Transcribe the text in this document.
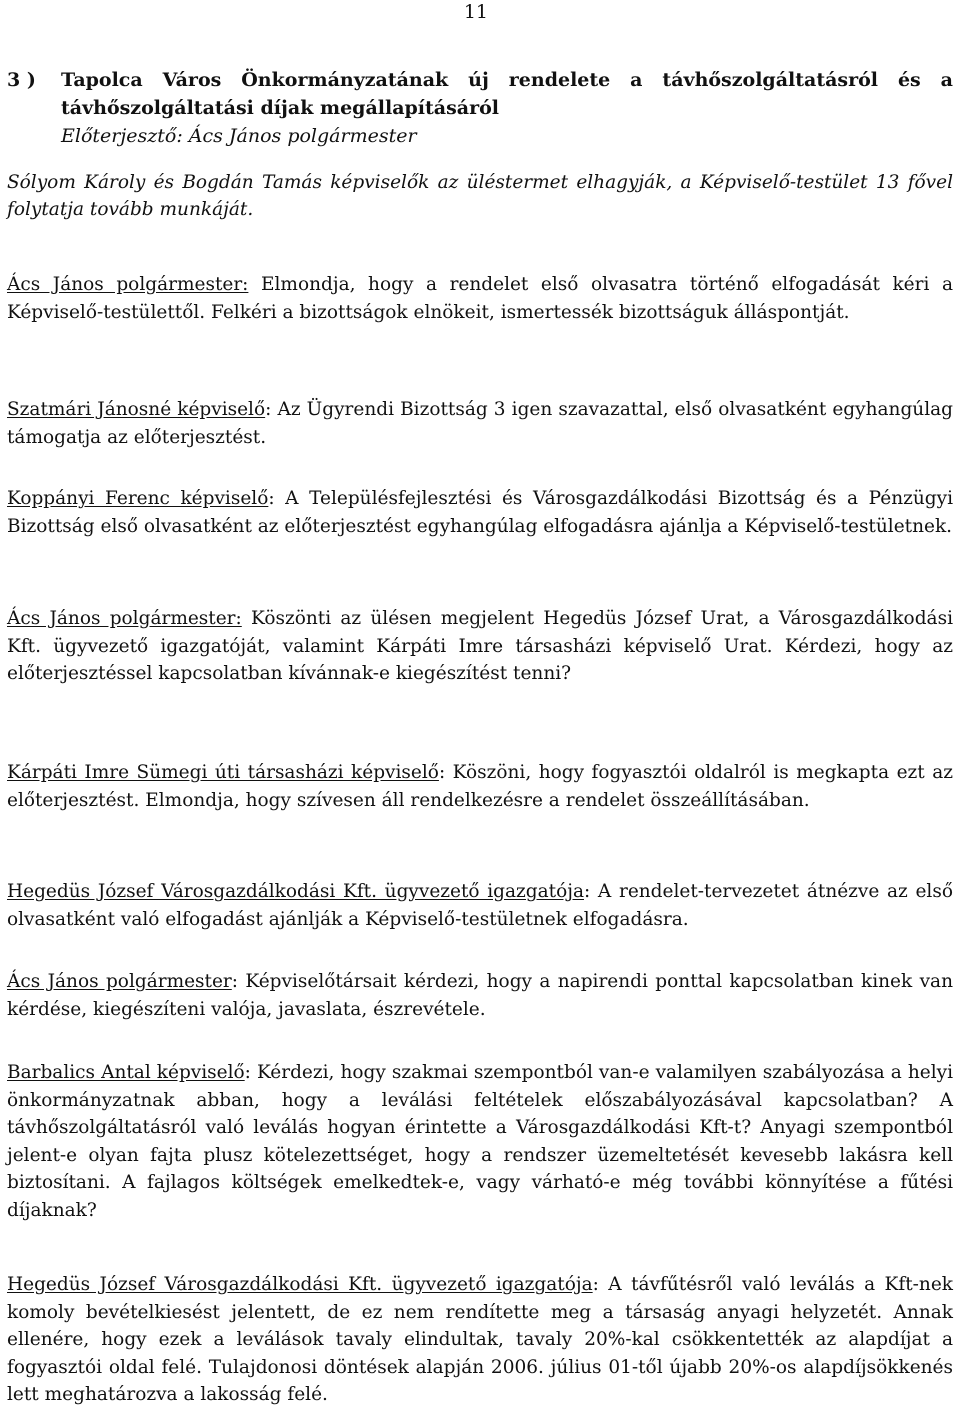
11
3 )	Tapolca Város Önkormányzatának új rendelete a távhőszolgáltatásról és a távhőszolgáltatási díjak megállapításáról
Előterjesztő: Ács János polgármester
Sólyom Károly és Bogdán Tamás képviselők az üléstermet elhagyják, a Képviselő-testület 13 fővel folytatja tovább munkáját.

Ács János polgármester: Elmondja, hogy a rendelet első olvasatra történő elfogadását kéri a Képviselő-testülettől. Felkéri a bizottságok elnökeit, ismertessék bizottságuk álláspontját.

Szatmári Jánosné képviselő: Az Ügyrendi Bizottság 3 igen szavazattal, első olvasatként egyhangúlag támogatja az előterjesztést.

Koppányi Ferenc képviselő: A Településfejlesztési és Városgazdálkodási Bizottság és a Pénzügyi Bizottság első olvasatként az előterjesztést egyhangúlag elfogadásra ajánlja a Képviselő-testületnek.

Ács János polgármester: Köszönti az ülésen megjelent Hegedüs József Urat, a Városgazdálkodási Kft. ügyvezető igazgatóját, valamint Kárpáti Imre társasházi képviselő Urat. Kérdezi, hogy az előterjesztéssel kapcsolatban kívánnak-e kiegészítést tenni?

Kárpáti Imre Sümegi úti társasházi képviselő: Köszöni, hogy fogyasztói oldalról is megkapta ezt az előterjesztést. Elmondja, hogy szívesen áll rendelkezésre a rendelet összeállításában.

Hegedüs József Városgazdálkodási Kft. ügyvezető igazgatója: A rendelet-tervezetet átnézve az első olvasatként való elfogadást ajánlják a Képviselő-testületnek elfogadásra.

Ács János polgármester: Képviselőtársait kérdezi, hogy a napirendi ponttal kapcsolatban kinek van kérdése, kiegészíteni valója, javaslata, észrevétele.

Barbalics Antal képviselő: Kérdezi, hogy szakmai szempontból van-e valamilyen szabályozása a helyi önkormányzatnak abban, hogy a leválási feltételek előszabályozásával kapcsolatban? A távhőszolgáltatásról való leválás hogyan érintette a Városgazdálkodási Kft-t? Anyagi szempontból jelent-e olyan fajta plusz kötelezettséget, hogy a rendszer üzemeltetését kevesebb lakásra kell biztosítani. A fajlagos költségek emelkedtek-e, vagy várható-e még további könnyítése a fűtési díjaknak?

Hegedüs József Városgazdálkodási Kft. ügyvezető igazgatója: A távfűtésről való leválás a Kft-nek komoly bevételkiesést jelentett, de ez nem rendítette meg a társaság anyagi helyzetét. Annak ellenére, hogy ezek a leválások tavaly elindultak, tavaly 20%-kal csökkentették az alapdíjat a fogyasztói oldal felé. Tulajdonosi döntések alapján 2006. július 01-től újabb 20%-os alapdíjsökkenés lett meghatározva a lakosság felé.
